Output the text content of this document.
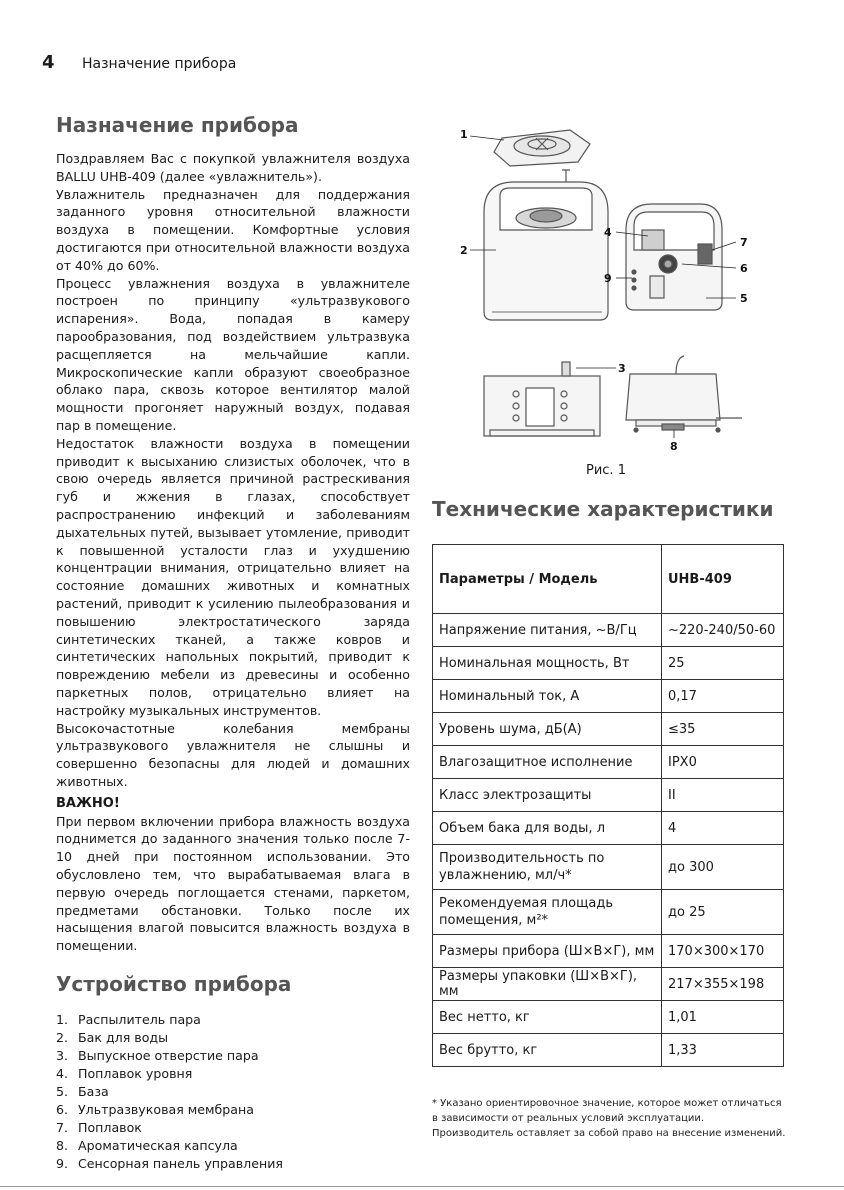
4	Назначение прибора
Назначение прибора

Поздравляем Вас с покупкой увлажнителя воздуха BALLU UHB-409 (далее «увлажнитель»).

Увлажнитель предназначен для поддержания заданного уровня относительной влажности воздуха в помещении. Комфортные условия достигаются при относительной влажности воздуха от 40% до 60%.

Процесс увлажнения воздуха в увлажнителе построен по принципу «ультразвукового испарения». Вода, попадая в камеру парообразования, под воздействием ультразвука расщепляется на мельчайшие капли. Микроскопические капли образуют своеобразное облако пара, сквозь которое вентилятор малой мощности прогоняет наружный воздух, подавая пар в помещение.

Недостаток влажности воздуха в помещении приводит к высыханию слизистых оболочек, что в свою очередь является причиной растрескивания губ и жжения в глазах, способствует распространению инфекций и заболеваниям дыхательных путей, вызывает утомление, приводит к повышенной усталости глаз и ухудшению концентрации внимания, отрицательно влияет на состояние домашних животных и комнатных растений, приводит к усилению пылеобразования и повышению электростатического заряда синтетических тканей, а также ковров и синтетических напольных покрытий, приводит к повреждению мебели из древесины и особенно паркетных полов, отрицательно влияет на настройку музыкальных инструментов.

Высокочастотные колебания мембраны ультразвукового увлажнителя не слышны и совершенно безопасны для людей и домашних животных.

ВАЖНО!

При первом включении прибора влажность воздуха поднимется до заданного значения только после 7-10 дней при постоянном использовании. Это обусловлено тем, что вырабатываемая влага в первую очередь поглощается стенами, паркетом, предметами обстановки. Только после их насыщения влагой повысится влажность воздуха в помещении.

Устройство прибора
1. Распылитель пара
2. Бак для воды
3. Выпускное отверстие пара
4. Поплавок уровня
5. База
6. Ультразвуковая мембрана
7. Поплавок
8. Ароматическая капсула
9. Сенсорная панель управления
1
2
3
4
5
6
7
8
9
Рис. 1
Технические характеристики
Параметры / Модель	UHB-409
Напряжение питания, ~В/Гц	~220-240/50-60
Номинальная мощность, Вт	25
Номинальный ток, А	0,17
Уровень шума, дБ(А)	≤35
Влагозащитное исполнение	IPX0
Класс электрозащиты	II
Объем бака для воды, л	4
Производительность по увлажнению, мл/ч*	до 300
Рекомендуемая площадь помещения, м²*	до 25
Размеры прибора (Ш×В×Г), мм	170×300×170
Размеры упаковки (Ш×В×Г), мм	217×355×198
Вес нетто, кг	1,01
Вес брутто, кг	1,33
* Указано ориентировочное значение, которое может отличаться
в зависимости от реальных условий эксплуатации.
Производитель оставляет за собой право на внесение изменений.
